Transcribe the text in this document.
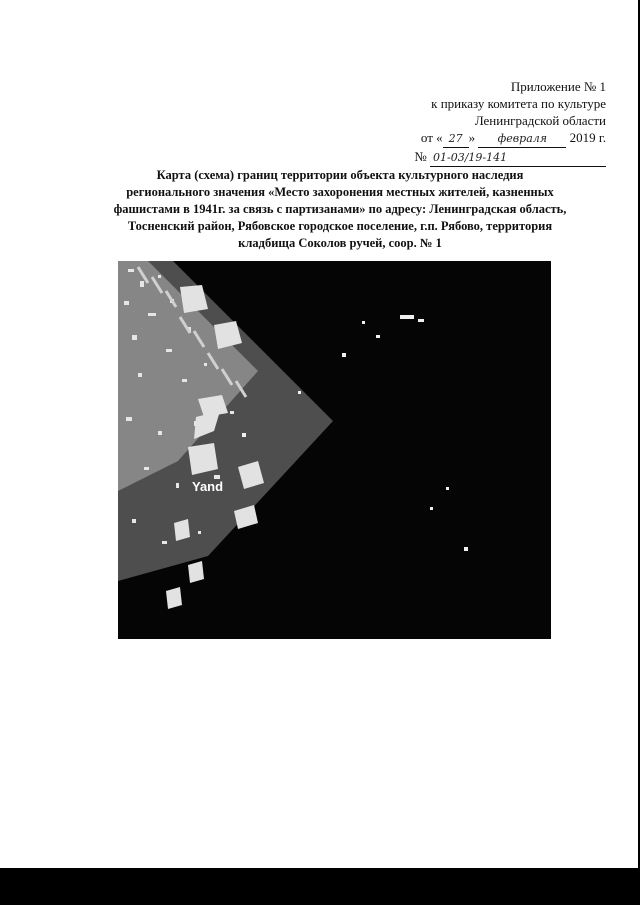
Приложение № 1
к приказу комитета по культуре
Ленинградской области
от « 27 » февраля 2019 г.
№ 01-03/19-141
Карта (схема) границ территории объекта культурного наследия
регионального значения «Место захоронения местных жителей, казненных
фашистами в 1941г. за связь с партизанами» по адресу: Ленинградская область,
Тосненский район, Рябовское городское поселение, г.п. Рябово, территория
кладбища Соколов ручей, соор. № 1
Yand
